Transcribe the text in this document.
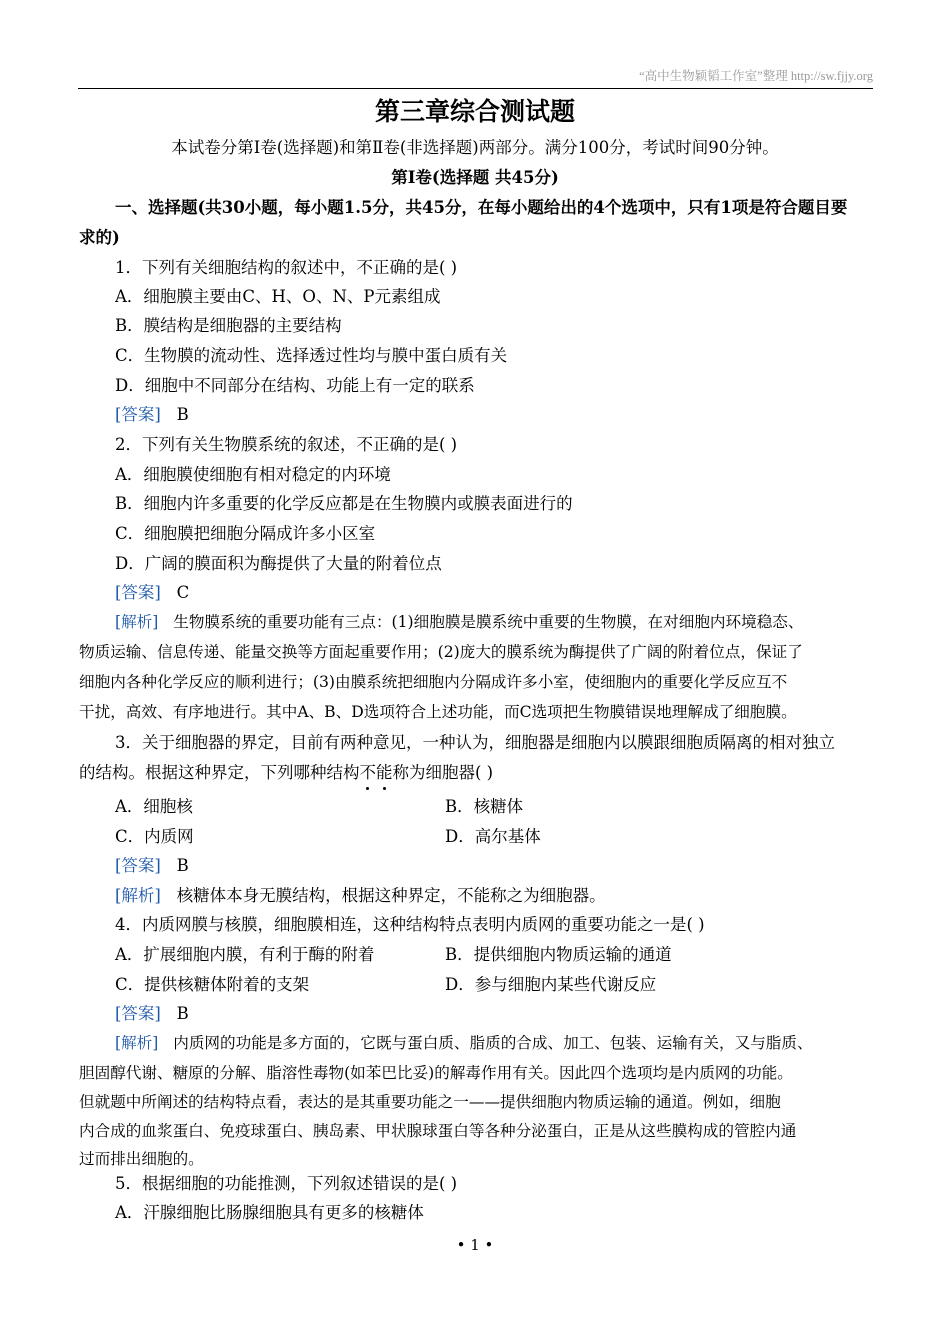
“高中生物颖韬工作室”整理 http://sw.fjjy.org
第三章综合测试题
本试卷分第Ⅰ卷(选择题)和第Ⅱ卷(非选择题)两部分。满分100分，考试时间90分钟。
第Ⅰ卷(选择题 共45分)
一、选择题(共30小题，每小题1.5分，共45分，在每小题给出的4个选项中，只有1项是符合题目要
求的)
1．下列有关细胞结构的叙述中，不正确的是( )
A．细胞膜主要由C、H、O、N、P元素组成
B．膜结构是细胞器的主要结构
C．生物膜的流动性、选择透过性均与膜中蛋白质有关
D．细胞中不同部分在结构、功能上有一定的联系
[答案] B
2．下列有关生物膜系统的叙述，不正确的是( )
A．细胞膜使细胞有相对稳定的内环境
B．细胞内许多重要的化学反应都是在生物膜内或膜表面进行的
C．细胞膜把细胞分隔成许多小区室
D．广阔的膜面积为酶提供了大量的附着位点
[答案] C
[解析] 生物膜系统的重要功能有三点：(1)细胞膜是膜系统中重要的生物膜，在对细胞内环境稳态、
物质运输、信息传递、能量交换等方面起重要作用；(2)庞大的膜系统为酶提供了广阔的附着位点，保证了
细胞内各种化学反应的顺利进行；(3)由膜系统把细胞内分隔成许多小室，使细胞内的重要化学反应互不
干扰，高效、有序地进行。其中A、B、D选项符合上述功能，而C选项把生物膜错误地理解成了细胞膜。
3．关于细胞器的界定，目前有两种意见，一种认为，细胞器是细胞内以膜跟细胞质隔离的相对独立
的结构。根据这种界定，下列哪种结构不能称为细胞器( )
A．细胞核	B．核糖体
C．内质网	D．高尔基体
[答案] B
[解析] 核糖体本身无膜结构，根据这种界定，不能称之为细胞器。
4．内质网膜与核膜，细胞膜相连，这种结构特点表明内质网的重要功能之一是( )
A．扩展细胞内膜，有利于酶的附着	B．提供细胞内物质运输的通道
C．提供核糖体附着的支架	D．参与细胞内某些代谢反应
[答案] B
[解析] 内质网的功能是多方面的，它既与蛋白质、脂质的合成、加工、包装、运输有关，又与脂质、
胆固醇代谢、糖原的分解、脂溶性毒物(如苯巴比妥)的解毒作用有关。因此四个选项均是内质网的功能。
但就题中所阐述的结构特点看，表达的是其重要功能之一——提供细胞内物质运输的通道。例如，细胞
内合成的血浆蛋白、免疫球蛋白、胰岛素、甲状腺球蛋白等各种分泌蛋白，正是从这些膜构成的管腔内通
过而排出细胞的。
5．根据细胞的功能推测，下列叙述错误的是( )
A．汗腺细胞比肠腺细胞具有更多的核糖体
• 1 •
